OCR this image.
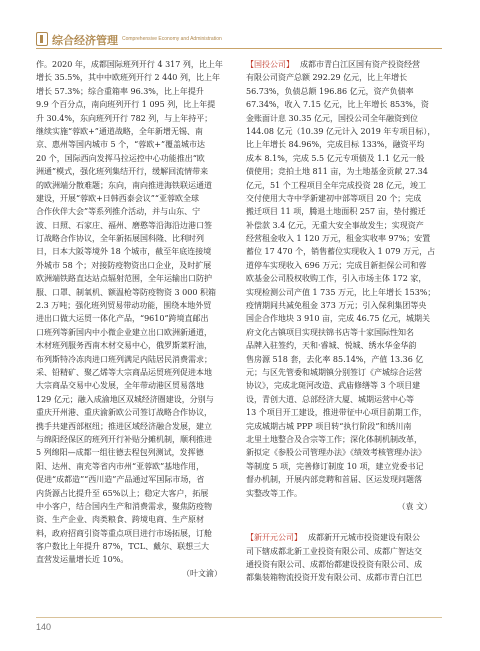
综合经济管理 Comprehensive Economy and Administration
作。2020 年，成都国际班列开行 4 317 列，比上年
增长 35.5%，其中中欧班列开行 2 440 列，比上年
增长 57.3%；综合重箱率 96.3%，比上年提升
9.9 个百分点，南向班列开行 1 095 列，比上年提
升 30.4%，东向班列开行 782 列，与上年持平；
继续实施“蓉欧+”通道战略，全年新增无锡、南
京、惠州等国内城市 5 个，“蓉欧+”覆盖城市达
20 个，国际西向发挥马拉运控中心功能推出“欧
洲通”模式，强化班列集结开行，缓解回流情带来
的欧洲端分散难题；东向，南向推进海铁联运通道
建设，开展“蓉欧+日韩西泰会议”“亚蓉欧全球
合作伙伴大会”等系列推介活动，并与山东、宁
波、日照、石家庄、福州、磨憨等沿海沿边港口签
订战略合作协议，全年新拓展国科隆、比利时列
日，日本大阪等境外 18 个城市，截至年底连接境
外城市 58 个；对接防疫物资出口企业，及时扩展
欧洲端铁路直达站点辐射范围，全年运输出口防护
服、口罩、制氧机、额温枪等防疫物资 3 000 积箱
2.3 万吨；强化班列贸易带动功能，围绕本地外贸
进出口做大运贸一体化产品，“9610”跨境直邮出
口班列等新国内中小微企业建立出口欧洲新通道，
木材班列服务西南木材交易中心，俄罗斯菜籽油，
布列斯特冷冻肉进口班列满足内陆居民消费需求；
采、铅精矿、聚乙烯等大宗商品运贸班列促进本地
大宗商品交易中心发展，全年带动港区贸易落地
129 亿元；融入成渝地区双城经济圈建设，分别与
重庆开州港、重庆渝新欧公司签订战略合作协议，
携手共建西部枢纽；推进区域经济融合发展，建立
与绵阳经保区的班列开行补贴分摊机制，顺利推进
5 列绵阳—成都一组往德去程包列测试，发挥德
阳、达州、南充等省内市州“亚蓉欧”基地作用，
促进“成都造”“西川造”产品通过军国际市场，省
内货源占比提升至 65%以上；稳定大客户，拓展
中小客户，结合国内生产和消费需求，聚焦防疫物
资、生产企业、肉类粮食、跨境电商、生产原材
料，政府招商引资等重点项目进行市场拓展，订舱
客户数比上年提升 87%，TCL、戴尔、联想三大
直营发运量增长近 10%。
（叶文渝）
【国投公司】 成都市青白江区国有资产投资经营
有限公司资产总额 292.29 亿元，比上年增长
56.73%，负债总额 196.86 亿元，资产负债率
67.34%，收入 7.15 亿元，比上年增长 853%，资
金账面计息 30.35 亿元，国投公司全年融资到位
144.08 亿元（10.39 亿元计入 2019 年专项目标），
比上年增长 84.96%，完成目标 133%，融资平均
成本 8.1%，完成 5.5 亿元专项债及 1.1 亿元一般
债使用；竞拍土地 811 亩，为土地基金贡献 27.34
亿元，51 个工程项目全年完成投资 28 亿元，竣工
交付使用大寺中学新建初中部等项目 20 个；完成
搬迁项目 11 项，腾退土地面积 257 亩，垫付搬迁
补偿款 3.4 亿元，无重大安全事故发生；实现资产
经营租金收入 1 120 万元，租金实收率 97%；安置
蓄位 17 470 个，销售蓄位实现收入 1 079 万元，占
道停车实现收入 696 万元；完成目新拒保公司和蓉
欧基金公司股权收购工作，引入市场主体 172 家，
实现检测公司产值 1 735 万元，比上年增长 153%；
疫情期间共减免租金 373 万元；引入保利集团等央
国企合作地块 3 910 亩，完成 46.75 亿元，城期关
府文化古镇项目实现扶锦书店等十家国际性知名
品牌入驻签约，天和·睿城、悦城、绣水华金华韵
售房源 518 套，去化率 85.14%，产值 13.36 亿
元；与区先管委和城期镇分别签订《产城综合运营
协议》，完成北斑河改造、武庙修缮等 3 个项目建
设，青创大道、总部经济大厦、城期运营中心等
13 个项目开工建设，推进带征中心项目前期工作，
完成城期古城 PPP 项目转“执行阶段”和绣川南
北里土地整合及合宗等工作；深化体制机制改革，
新拟定《参股公司管理办法》《绩效考核管理办法》
等制度 5 项，完善修订制度 10 项，建立党委书记
督办机制，开展内部竞聘和首届、区运发现问题落
实整改等工作。
（袁 文）
【新开元公司】 成都新开元城市投资建设有限公
司下辖成都北新工业投资有限公司、成都广智达交
通投资有限公司、成都怡都建设投资有限公司、成
都集装箱物流投资开发有限公司、成都市青白江巴
140
